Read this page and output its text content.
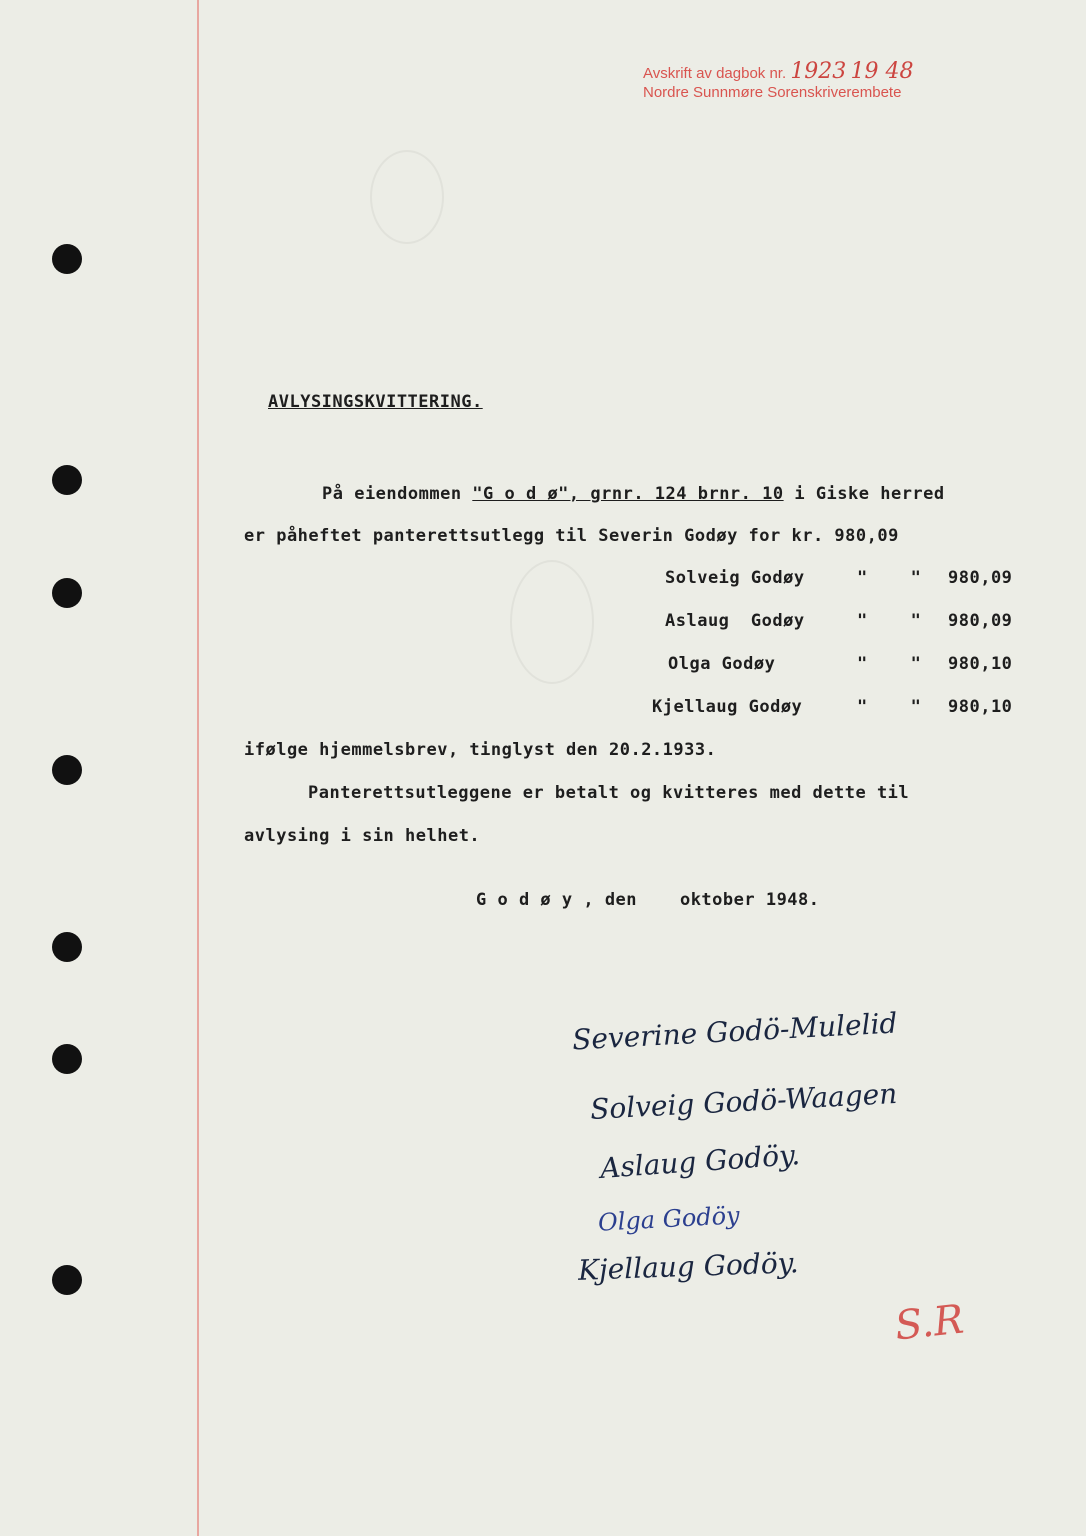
Avskrift av dagbok nr. 1923 19 48
Nordre Sunnmøre Sorenskriverembete
AVLYSINGSKVITTERING.
På eiendommen "G o d ø", grnr. 124 brnr. 10 i Giske herred
er påheftet panterettsutlegg til Severin Godøy for kr. 980,09
Solveig Godøy	"    " 980,09
Aslaug  Godøy	"    " 980,09
Olga Godøy	"    " 980,10
Kjellaug Godøy	"    " 980,10
ifølge hjemmelsbrev, tinglyst den 20.2.1933.
Panterettsutleggene er betalt og kvitteres med dette til
avlysing i sin helhet.
G o d ø y , den    oktober 1948.
Severine Godö-Mulelid
Solveig Godö-Waagen
Aslaug Godöy.
Olga Godöy
Kjellaug Godöy.
S.R
